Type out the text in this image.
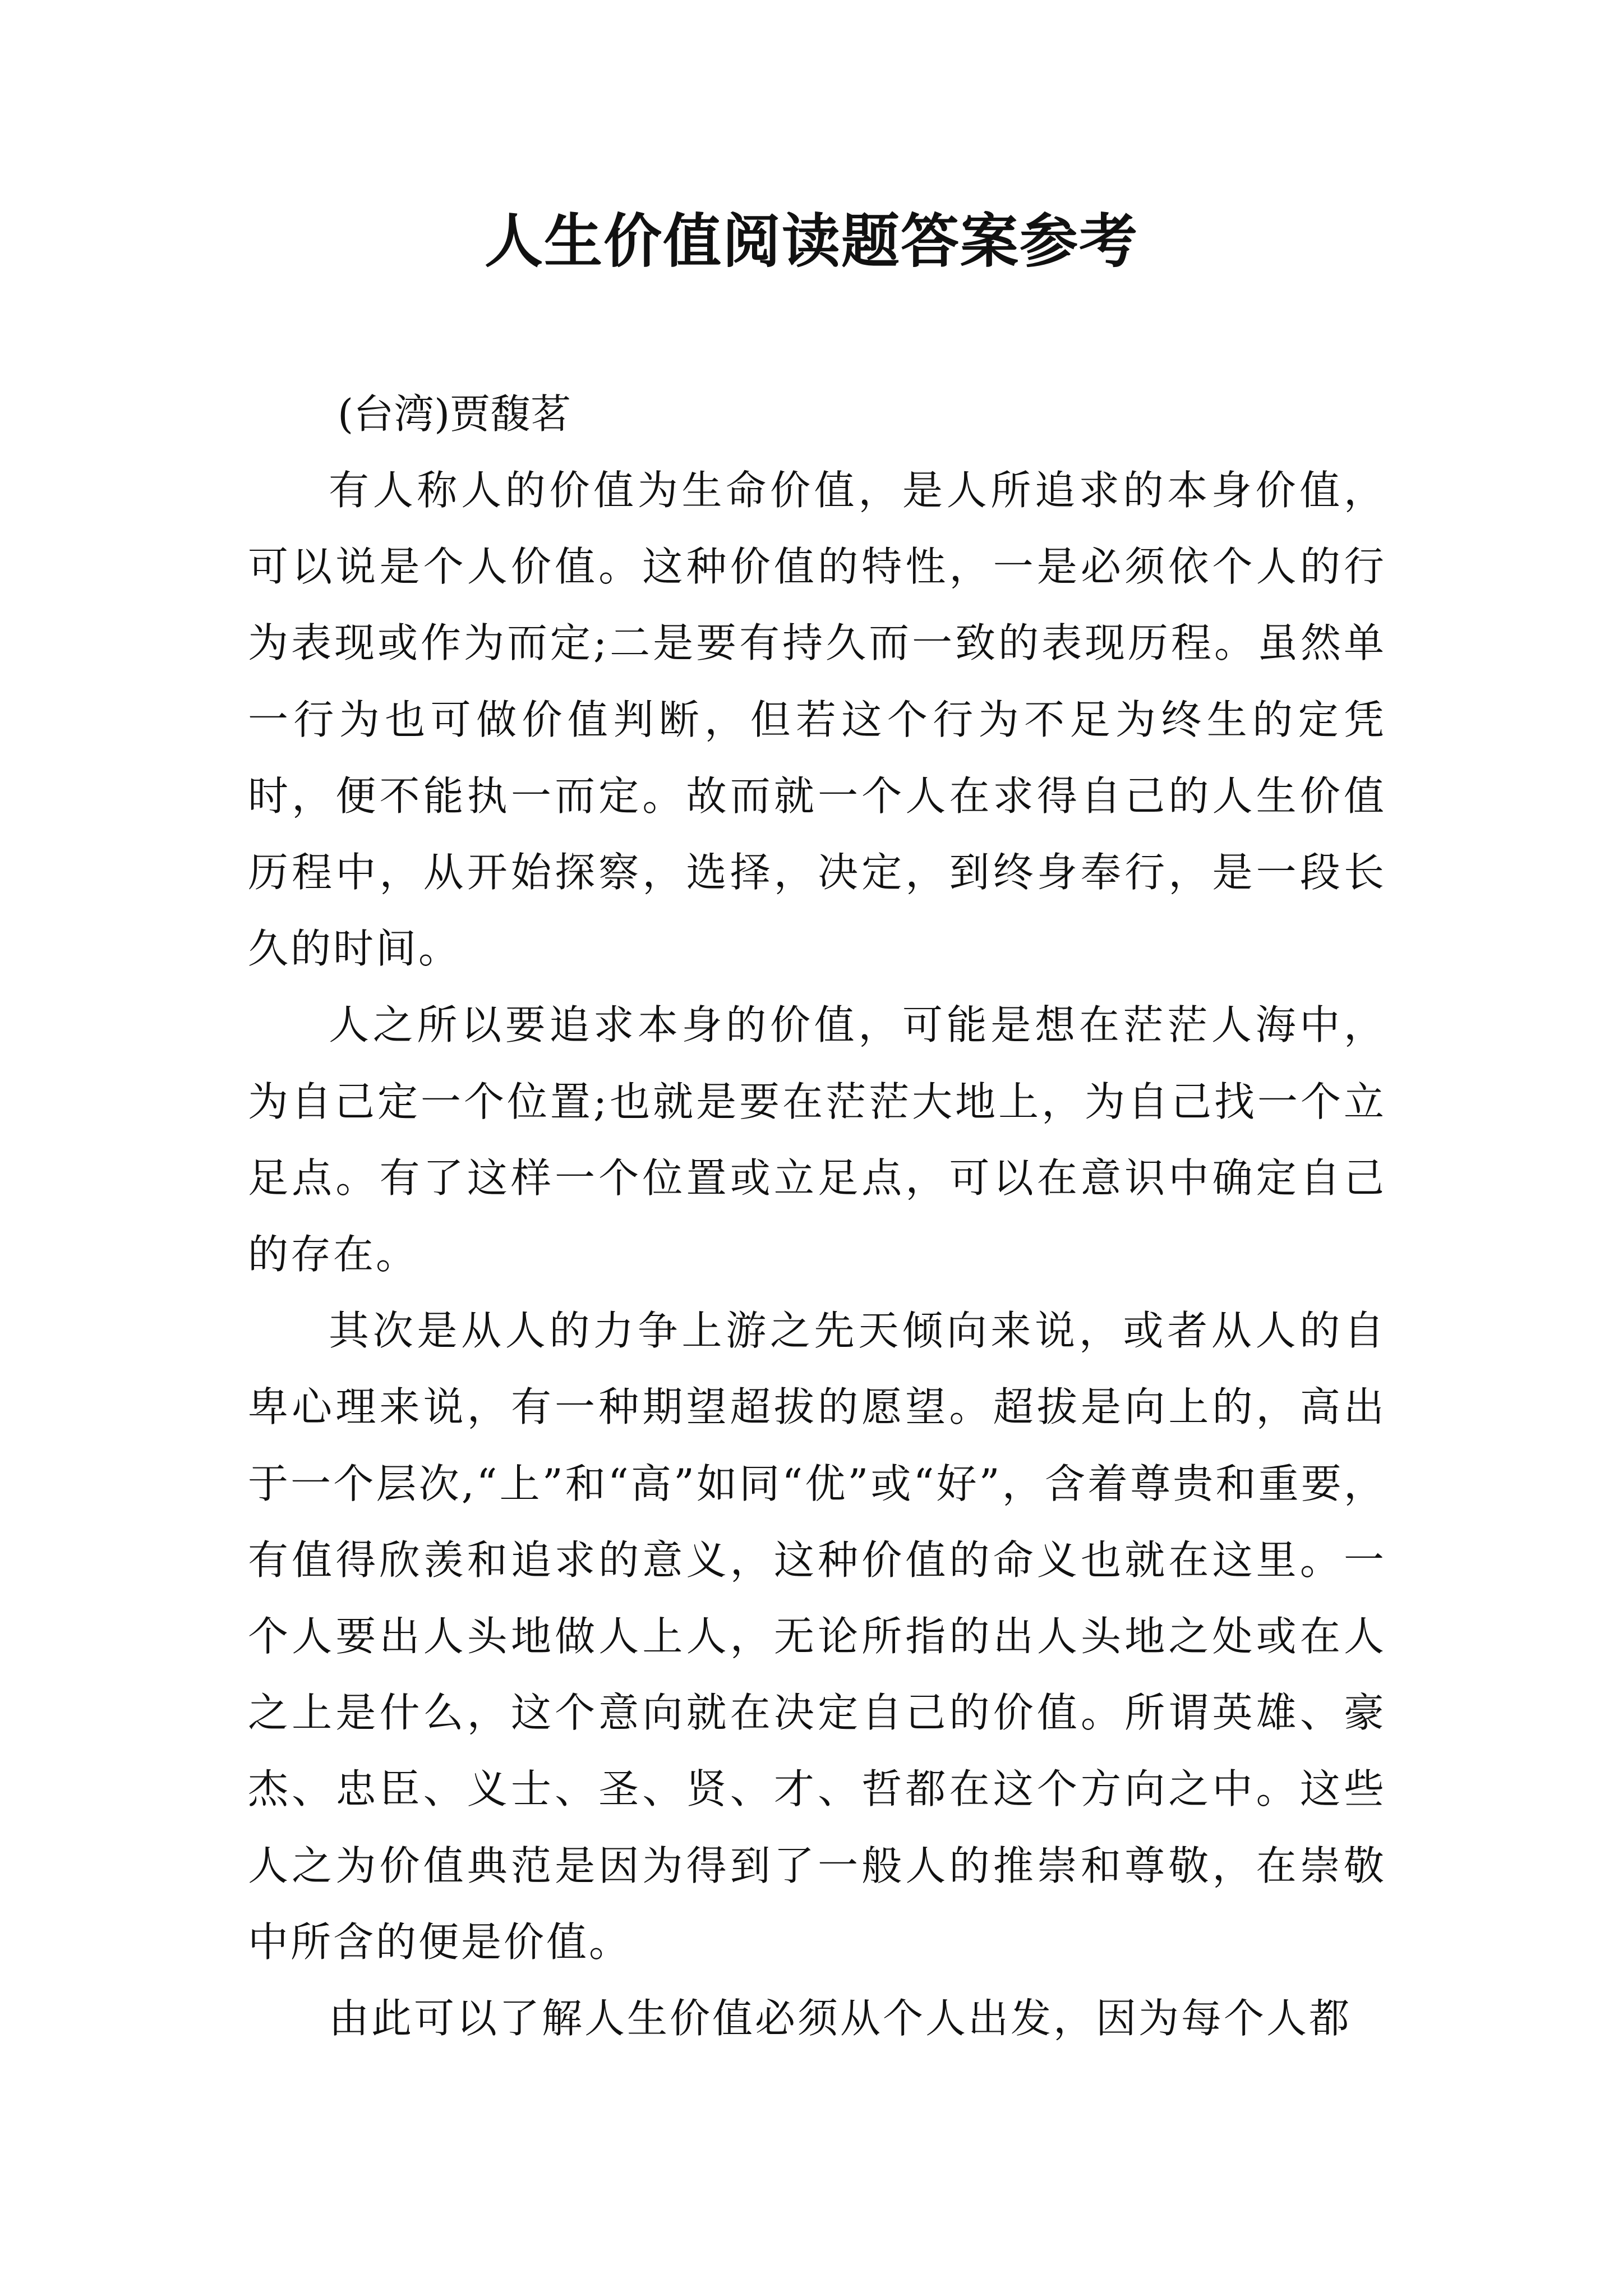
人生价值阅读题答案参考

(台湾)贾馥茗

有人称人的价值为生命价值，是人所追求的本身价值，可以说是个人价值。这种价值的特性，一是必须依个人的行为表现或作为而定;二是要有持久而一致的表现历程。虽然单一行为也可做价值判断，但若这个行为不足为终生的定凭时，便不能执一而定。故而就一个人在求得自己的人生价值历程中，从开始探察，选择，决定，到终身奉行，是一段长久的时间。

人之所以要追求本身的价值，可能是想在茫茫人海中，为自己定一个位置;也就是要在茫茫大地上，为自己找一个立足点。有了这样一个位置或立足点，可以在意识中确定自己的存在。

其次是从人的力争上游之先天倾向来说，或者从人的自卑心理来说，有一种期望超拔的愿望。超拔是向上的，高出于一个层次,“上”和“高”如同“优”或“好”，含着尊贵和重要，有值得欣羡和追求的意义，这种价值的命义也就在这里。一个人要出人头地做人上人，无论所指的出人头地之处或在人之上是什么，这个意向就在决定自己的价值。所谓英雄、豪杰、忠臣、义士、圣、贤、才、哲都在这个方向之中。这些人之为价值典范是因为得到了一般人的推崇和尊敬，在崇敬中所含的便是价值。

由此可以了解人生价值必须从个人出发，因为每个人都
